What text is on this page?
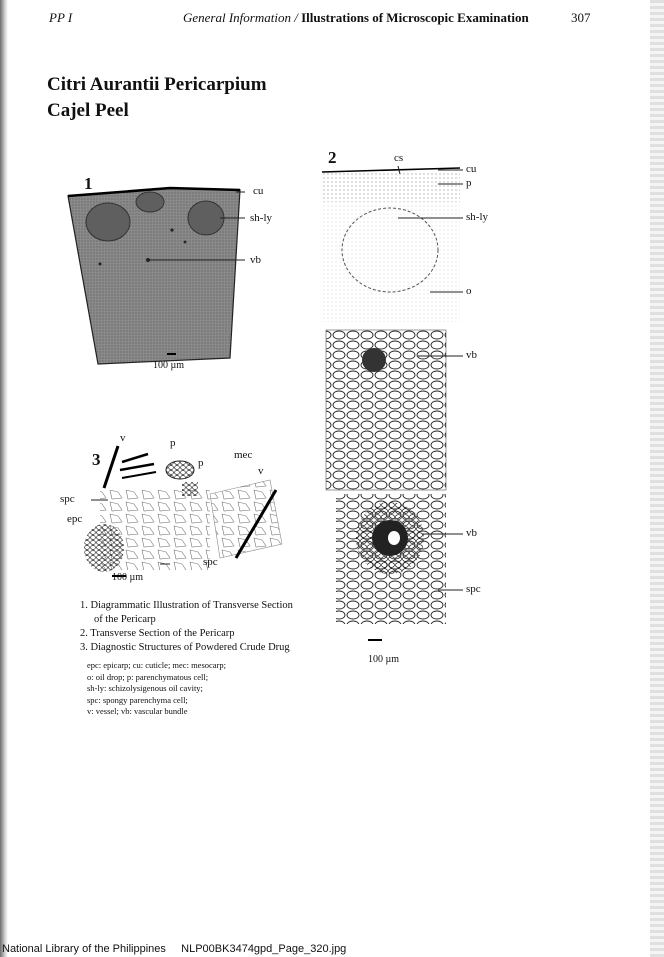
PP I	General Information / Illustrations of Microscopic Examination	307
Citri Aurantii Pericarpium
Cajel Peel
1	cu
sh-ly
vb
100 µm
2	cs
cu
p
sh-ly
o
vb
vb
spc
100 µm
3
v	p
p
mec
v
spc
epc
spc
100 µm
1. Diagrammatic Illustration of Transverse Section
of the Pericarp
2. Transverse Section of the Pericarp
3. Diagnostic Structures of Powdered Crude Drug
epc: epicarp; cu: cuticle; mec: mesocarp;
o: oil drop; p: parenchymatous cell;
sh-ly: schizolysigenous oil cavity;
spc: spongy parenchyma cell;
v: vessel; vb: vascular bundle
National Library of the Philippines     NLP00BK3474gpd_Page_320.jpg
